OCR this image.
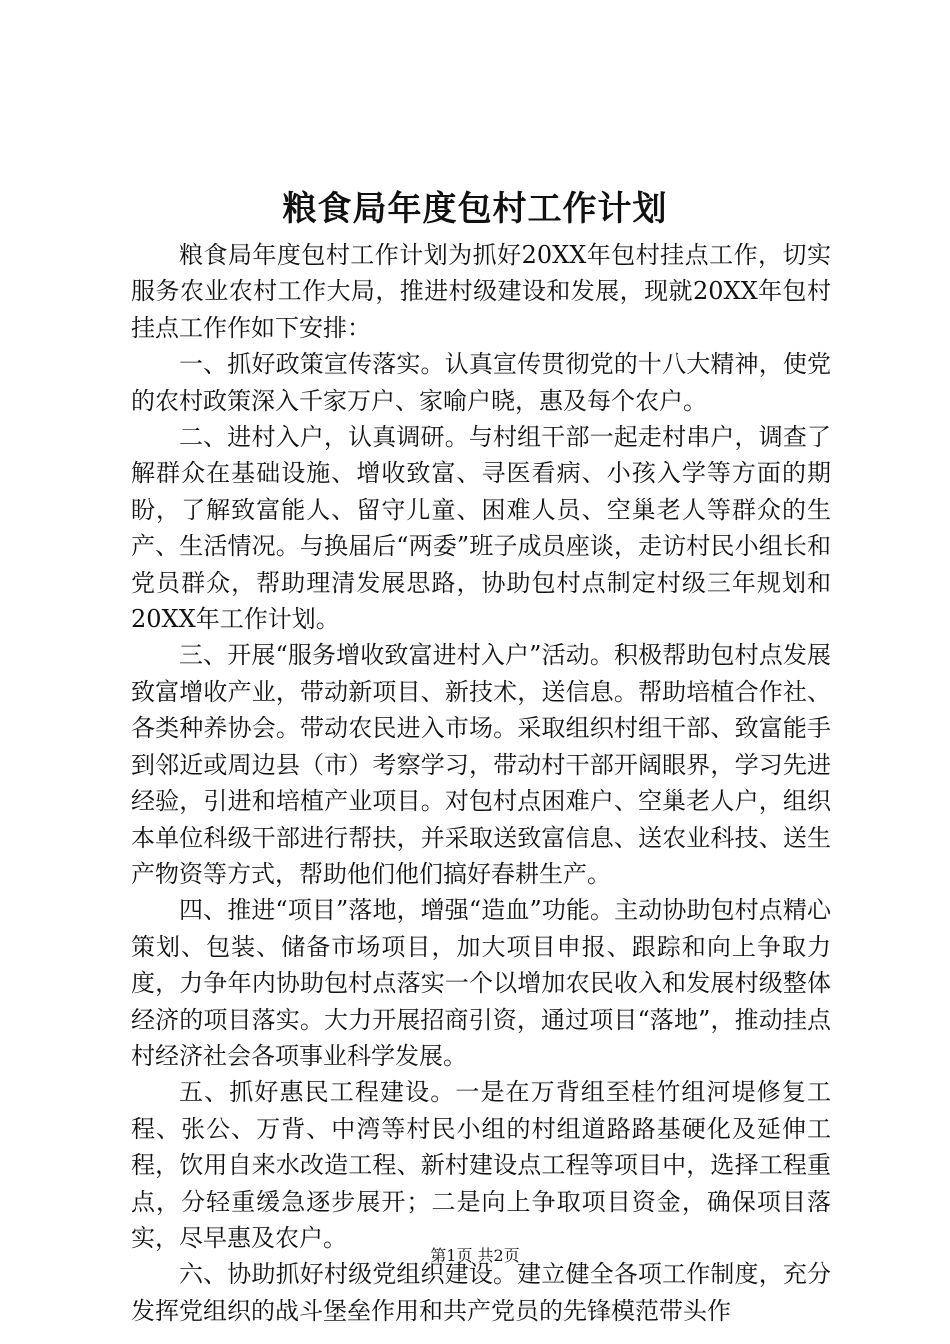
粮食局年度包村工作计划

粮食局年度包村工作计划为抓好20XX年包村挂点工作，切实服务农业农村工作大局，推进村级建设和发展，现就20XX年包村挂点工作作如下安排：

一、抓好政策宣传落实。认真宣传贯彻党的十八大精神，使党的农村政策深入千家万户、家喻户晓，惠及每个农户。

二、进村入户，认真调研。与村组干部一起走村串户，调查了解群众在基础设施、增收致富、寻医看病、小孩入学等方面的期盼，了解致富能人、留守儿童、困难人员、空巢老人等群众的生产、生活情况。与换届后“两委”班子成员座谈，走访村民小组长和党员群众，帮助理清发展思路，协助包村点制定村级三年规划和20XX年工作计划。

三、开展“服务增收致富进村入户”活动。积极帮助包村点发展致富增收产业，带动新项目、新技术，送信息。帮助培植合作社、各类种养协会。带动农民进入市场。采取组织村组干部、致富能手到邻近或周边县（市）考察学习，带动村干部开阔眼界，学习先进经验，引进和培植产业项目。对包村点困难户、空巢老人户，组织本单位科级干部进行帮扶，并采取送致富信息、送农业科技、送生产物资等方式，帮助他们他们搞好春耕生产。

四、推进“项目”落地，增强“造血”功能。主动协助包村点精心策划、包装、储备市场项目，加大项目申报、跟踪和向上争取力度，力争年内协助包村点落实一个以增加农民收入和发展村级整体经济的项目落实。大力开展招商引资，通过项目“落地”，推动挂点村经济社会各项事业科学发展。

五、抓好惠民工程建设。一是在万背组至桂竹组河堤修复工程、张公、万背、中湾等村民小组的村组道路路基硬化及延伸工程，饮用自来水改造工程、新村建设点工程等项目中，选择工程重点，分轻重缓急逐步展开；二是向上争取项目资金，确保项目落实，尽早惠及农户。

六、协助抓好村级党组织建设。建立健全各项工作制度，充分发挥党组织的战斗堡垒作用和共产党员的先锋模范带头作

第1页 共2页
